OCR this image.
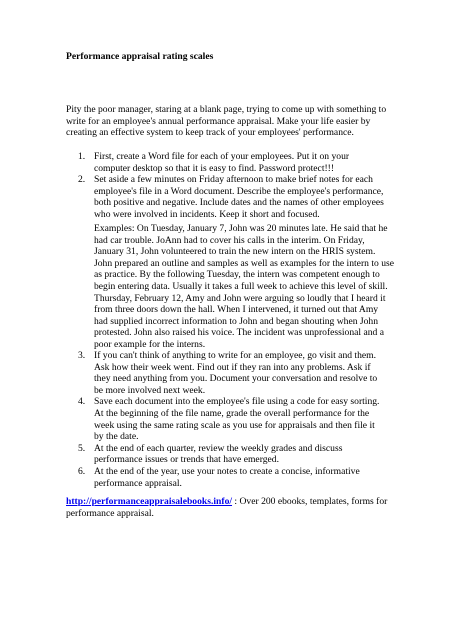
Performance appraisal rating scales
Pity the poor manager, staring at a blank page, trying to come up with something to write for an employee's annual performance appraisal. Make your life easier by creating an effective system to keep track of your employees' performance.
1. First, create a Word file for each of your employees. Put it on your computer desktop so that it is easy to find. Password protect!!!
2. Set aside a few minutes on Friday afternoon to make brief notes for each employee's file in a Word document. Describe the employee's performance, both positive and negative. Include dates and the names of other employees who were involved in incidents. Keep it short and focused.
Examples: On Tuesday, January 7, John was 20 minutes late. He said that he had car trouble. JoAnn had to cover his calls in the interim. On Friday, January 31, John volunteered to train the new intern on the HRIS system. John prepared an outline and samples as well as examples for the intern to use as practice. By the following Tuesday, the intern was competent enough to begin entering data. Usually it takes a full week to achieve this level of skill. Thursday, February 12, Amy and John were arguing so loudly that I heard it from three doors down the hall. When I intervened, it turned out that Amy had supplied incorrect information to John and began shouting when John protested. John also raised his voice. The incident was unprofessional and a poor example for the interns.
3. If you can't think of anything to write for an employee, go visit and them. Ask how their week went. Find out if they ran into any problems. Ask if they need anything from you. Document your conversation and resolve to be more involved next week.
4. Save each document into the employee's file using a code for easy sorting. At the beginning of the file name, grade the overall performance for the week using the same rating scale as you use for appraisals and then file it by the date.
5. At the end of each quarter, review the weekly grades and discuss performance issues or trends that have emerged.
6. At the end of the year, use your notes to create a concise, informative performance appraisal.
http://performanceappraisalebooks.info/ : Over 200 ebooks, templates, forms for performance appraisal.
